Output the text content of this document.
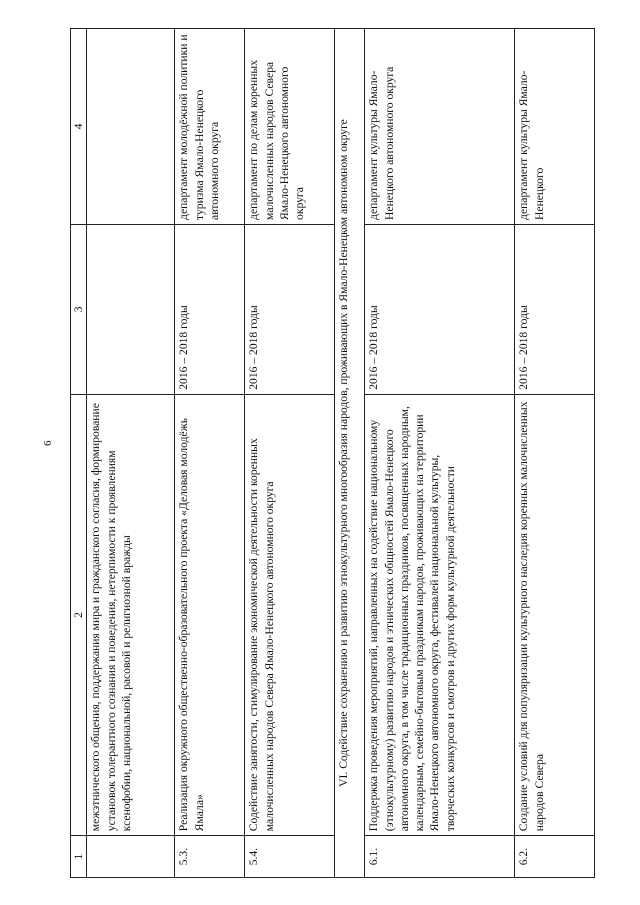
6
1	2	3	4
	межэтнического общения, поддержания мира и гражданского согласия, формирование установок толерантного сознания и поведения, нетерпимости к проявлениям ксенофобии, национальной, расовой и религиозной вражды		
5.3.	Реализация окружного общественно-образовательного проекта «Деловая молодёжь Ямала»	2016 – 2018 годы	департамент молодёжной политики и туризма Ямало-Ненецкого автономного округа
5.4.	Содействие занятости, стимулирование экономической деятельности коренных малочисленных народов Севера Ямало-Ненецкого автономного округа	2016 – 2018 годы	департамент по делам коренных малочисленных народов Севера Ямало-Ненецкого автономного округа
VI. Содействие сохранению и развитию этнокультурного многообразия народов, проживающих в Ямало-Ненецком автономном округе			
6.1.	Поддержка проведения мероприятий, направленных на содействие национальному (этнокультурному) развитию народов и этнических общностей Ямало-Ненецкого автономного округа, в том числе традиционных праздников, посвященных народным, календарным, семейно-бытовым праздникам народов, проживающих на территории Ямало-Ненецкого автономного округа, фестивалей национальной культуры, творческих конкурсов и смотров и других форм культурной деятельности	2016 – 2018 годы	департамент культуры Ямало-Ненецкого автономного округа
6.2.	Создание условий для популяризации культурного наследия коренных малочисленных народов Севера	2016 – 2018 годы	департамент культуры Ямало-Ненецкого
